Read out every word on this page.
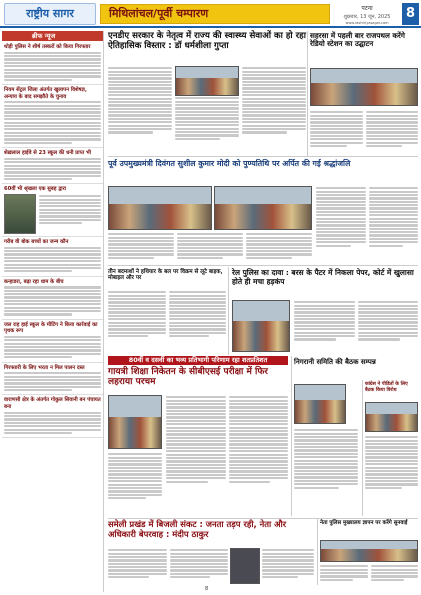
राष्ट्रीय सागर	मिथिलांचल/पूर्वी चम्पारण	पटना
शुक्रवार, 13 जून, 2025
www.rashtriyasagar.com
8
ब्रीफ न्यूज
थोड़ी पुलिस ने शीर्ष तस्करों को किया गिरफ्तार
नियम सेंट्रल जिला अंतर्गत खुलापन विशेषज्ञ, अन्याय के बाद समझौते के चुनाव
शेख़लाल हाईवे से 23 स्कूल की धनी प्राप्त भी
60वीं भी श्रृंखला एक सुबह द्वारा
गरीब वी बोक बच्चों का जन्म कौन
कन्हाडरा, बढ़ा रहा धाम के बीच
जल राह हाई स्कूल के मीटिंग ने किया कार्रवाई का पृथक रूप
गिरफ्तारी के लिए भरता न मिल पालन दस्त
वाराणसी क्षेत्र के अंतर्गत गोकुल सिवानी बन पंचायत बना
एनडीए सरकार के नेतृत्व में राज्य की स्वास्थ्य सेवाओं का हो रहा ऐतिहासिक विस्तार : डॉ धर्मशीला गुप्ता
सहरसा में पहली बार राजपथल करेंगे रेडियो स्टेशन का उद्घाटन
पूर्व उपमुख्यमंत्री दिवंगत सुशील कुमार मोदी को पुण्यतिथि पर अर्पित की गई श्रद्धांजलि
तीन बदमाशों ने हथियार के बल पर विक्रम से लूटे बाइक, मोबाइल और पर
रेल पुलिस का दावा : बरस के पैटर में निकला पेपर, कोर्ट में खुलासा होते ही मचा हड़कंप
80वीं व दसवीं का भव्य प्रतिभागी परिणाम रहा शतप्रतिशत
गायत्री शिक्षा निकेतन के सीबीएसई परीक्षा में फिर लहराया परचम
निगरानी समिति की बैठक सम्पन्न
कांग्रेस ने पीडितों के लिए बैठक किया विरोध
समेली प्रखंड में बिजली संकट : जनता तड़प रही, नेता और अधिकारी बेपरवाह : मंदीप ठाकुर
नेता पुलिस मुख्यालय ज्ञापन पर करेंगे सुनवाई
8
